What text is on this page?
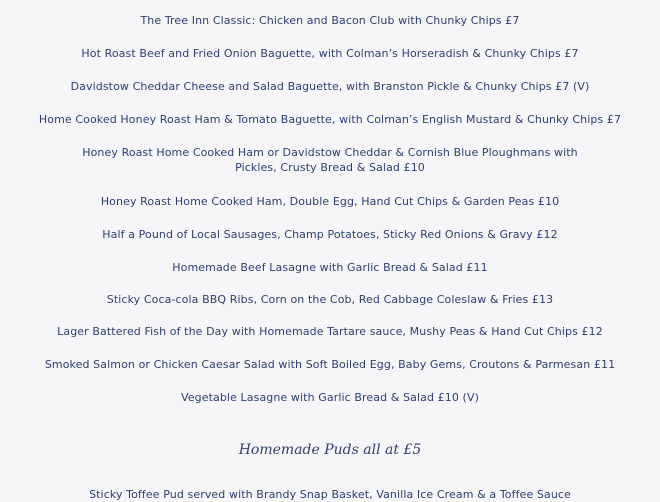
The Tree Inn Classic: Chicken and Bacon Club with Chunky Chips £7
Hot Roast Beef and Fried Onion Baguette, with Colman’s Horseradish & Chunky Chips £7
Davidstow Cheddar Cheese and Salad Baguette, with Branston Pickle & Chunky Chips £7 (V)
Home Cooked Honey Roast Ham & Tomato Baguette, with Colman’s English Mustard & Chunky Chips £7
Honey Roast Home Cooked Ham or Davidstow Cheddar & Cornish Blue Ploughmans with Pickles, Crusty Bread & Salad £10
Honey Roast Home Cooked Ham, Double Egg, Hand Cut Chips & Garden Peas £10
Half a Pound of Local Sausages, Champ Potatoes, Sticky Red Onions & Gravy £12
Homemade Beef Lasagne with Garlic Bread & Salad £11
Sticky Coca-cola BBQ Ribs, Corn on the Cob, Red Cabbage Coleslaw & Fries £13
Lager Battered Fish of the Day with Homemade Tartare sauce, Mushy Peas & Hand Cut Chips £12
Smoked Salmon or Chicken Caesar Salad with Soft Boiled Egg, Baby Gems, Croutons & Parmesan £11
Vegetable Lasagne with Garlic Bread & Salad £10 (V)
Homemade Puds all at £5
Sticky Toffee Pud served with Brandy Snap Basket, Vanilla Ice Cream & a Toffee Sauce
